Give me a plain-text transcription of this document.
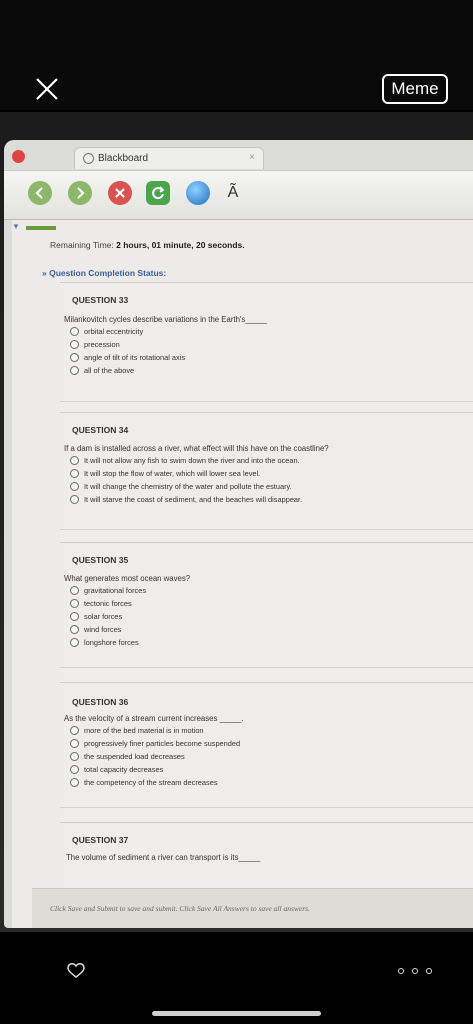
Meme
Blackboard	×
Ã
▼
Remaining Time: 2 hours, 01 minute, 20 seconds.
» Question Completion Status:
QUESTION 33
Milankovitch cycles describe variations in the Earth's_____
orbital eccentricity
precession
angle of tilt of its rotational axis
all of the above
QUESTION 34
If a dam is installed across a river, what effect will this have on the coastline?
It will not allow any fish to swim down the river and into the ocean.
It will stop the flow of water, which will lower sea level.
It will change the chemistry of the water and pollute the estuary.
It will starve the coast of sediment, and the beaches will disappear.
QUESTION 35
What generates most ocean waves?
gravitational forces
tectonic forces
solar forces
wind forces
longshore forces
QUESTION 36
As the velocity of a stream current increases _____.
more of the bed material is in motion
progressively finer particles become suspended
the suspended load decreases
total capacity decreases
the competency of the stream decreases
QUESTION 37
The volume of sediment a river can transport is its_____
Click Save and Submit to save and submit. Click Save All Answers to save all answers.
